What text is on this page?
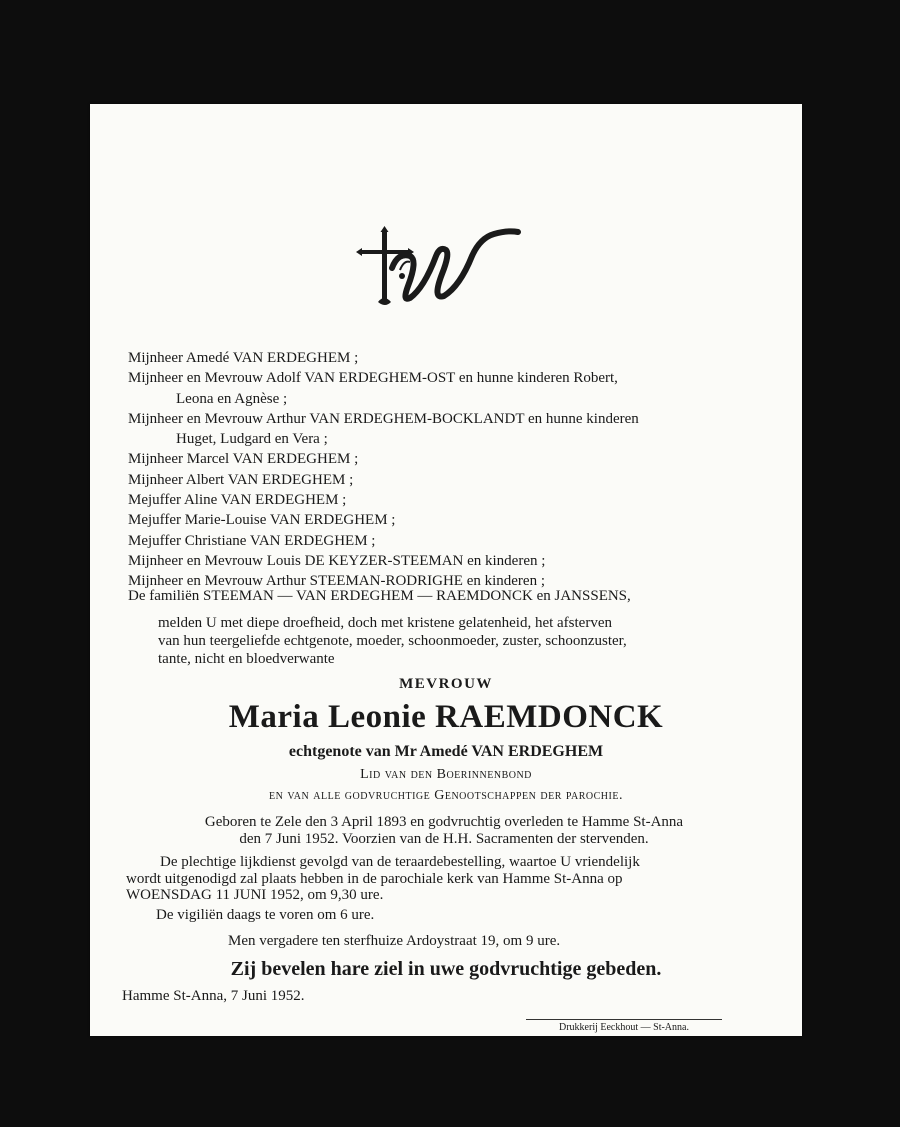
Mijnheer Amedé VAN ERDEGHEM ;
Mijnheer en Mevrouw Adolf VAN ERDEGHEM-OST en hunne kinderen Robert,
Leona en Agnèse ;
Mijnheer en Mevrouw Arthur VAN ERDEGHEM-BOCKLANDT en hunne kinderen
Huget, Ludgard en Vera ;
Mijnheer Marcel VAN ERDEGHEM ;
Mijnheer Albert VAN ERDEGHEM ;
Mejuffer Aline VAN ERDEGHEM ;
Mejuffer Marie-Louise VAN ERDEGHEM ;
Mejuffer Christiane VAN ERDEGHEM ;
Mijnheer en Mevrouw Louis DE KEYZER-STEEMAN en kinderen ;
Mijnheer en Mevrouw Arthur STEEMAN-RODRIGHE en kinderen ;
De familiën STEEMAN — VAN ERDEGHEM — RAEMDONCK en JANSSENS,
melden U met diepe droefheid, doch met kristene gelatenheid, het afsterven
van hun teergeliefde echtgenote, moeder, schoonmoeder, zuster, schoonzuster,
tante, nicht en bloedverwante
MEVROUW
Maria Leonie RAEMDONCK
echtgenote van Mr Amedé VAN ERDEGHEM
Lid van den Boerinnenbond
en van alle godvruchtige Genootschappen der parochie.
Geboren te Zele den 3 April 1893 en godvruchtig overleden te Hamme St-Anna
den 7 Juni 1952. Voorzien van de H.H. Sacramenten der stervenden.
De plechtige lijkdienst gevolgd van de teraardebestelling, waartoe U vriendelijk
wordt uitgenodigd zal plaats hebben in de parochiale kerk van Hamme St-Anna op
WOENSDAG 11 JUNI 1952, om 9,30 ure.
De vigiliën daags te voren om 6 ure.
Men vergadere ten sterfhuize Ardoystraat 19, om 9 ure.
Zij bevelen hare ziel in uwe godvruchtige gebeden.
Hamme St-Anna, 7 Juni 1952.
Drukkerij Eeckhout — St-Anna.
